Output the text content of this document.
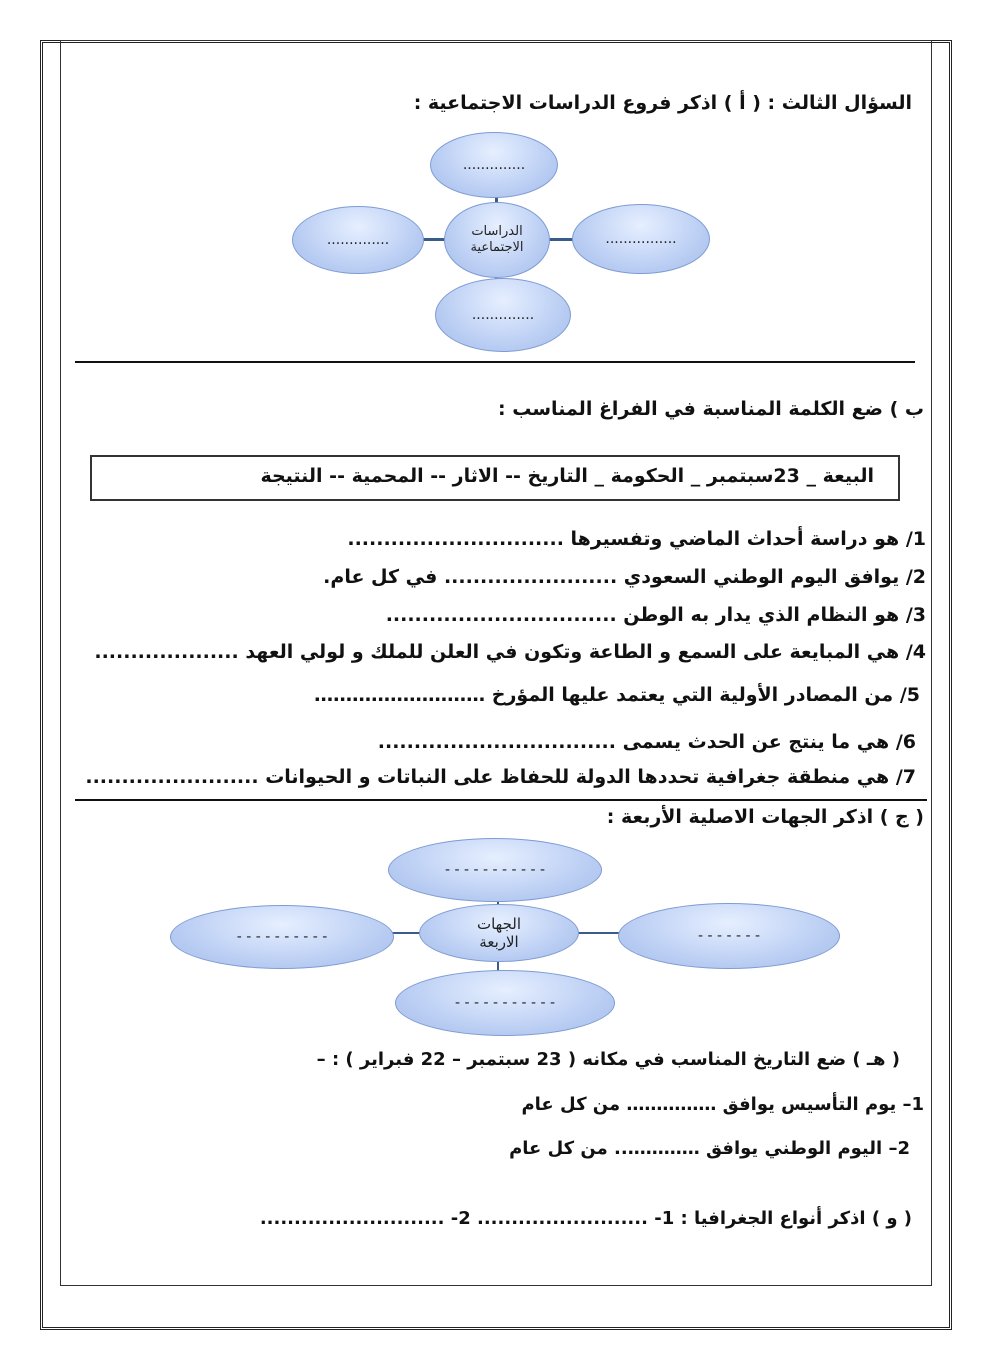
السؤال الثالث : ( أ ) اذكر فروع الدراسات الاجتماعية :
..............
..............	................
..............
الدراسات
الاجتماعية
ب ) ضع الكلمة المناسبة في الفراغ المناسب :
البيعة _ 23سبتمبر _ الحكومة _ التاريخ -- الاثار -- المحمية -- النتيجة
1/ هو دراسة أحداث الماضي وتفسيرها ..............................
2/ يوافق اليوم الوطني السعودي ........................ في كل عام.
3/ هو النظام الذي يدار به الوطن ................................
4/ هي المبايعة على السمع و الطاعة وتكون في العلن للملك و لولي العهد ....................
5/ من المصادر الأولية التي يعتمد عليها المؤرخ ………………………
6/ هي ما ينتج عن الحدث يسمى .................................
7/ هي منطقة جغرافية تحددها الدولة للحفاظ على النباتات و الحيوانات ........................
( ج ) اذكر الجهات الاصلية الأربعة :
- - - - - - - - - - -
- - - - - - - - - -	- - - - - - -
- - - - - - - - - - -
الجهات
الاربعة
( هـ ) ضع التاريخ المناسب في مكانه ( 23 سبتمبر – 22 فبراير ) : –
1– يوم التأسيس يوافق …………… من كل عام
2– اليوم الوطني يوافق ………….. من كل عام
( و ) اذكر أنواع الجغرافيا : 1- ......................... 2- ...........................
